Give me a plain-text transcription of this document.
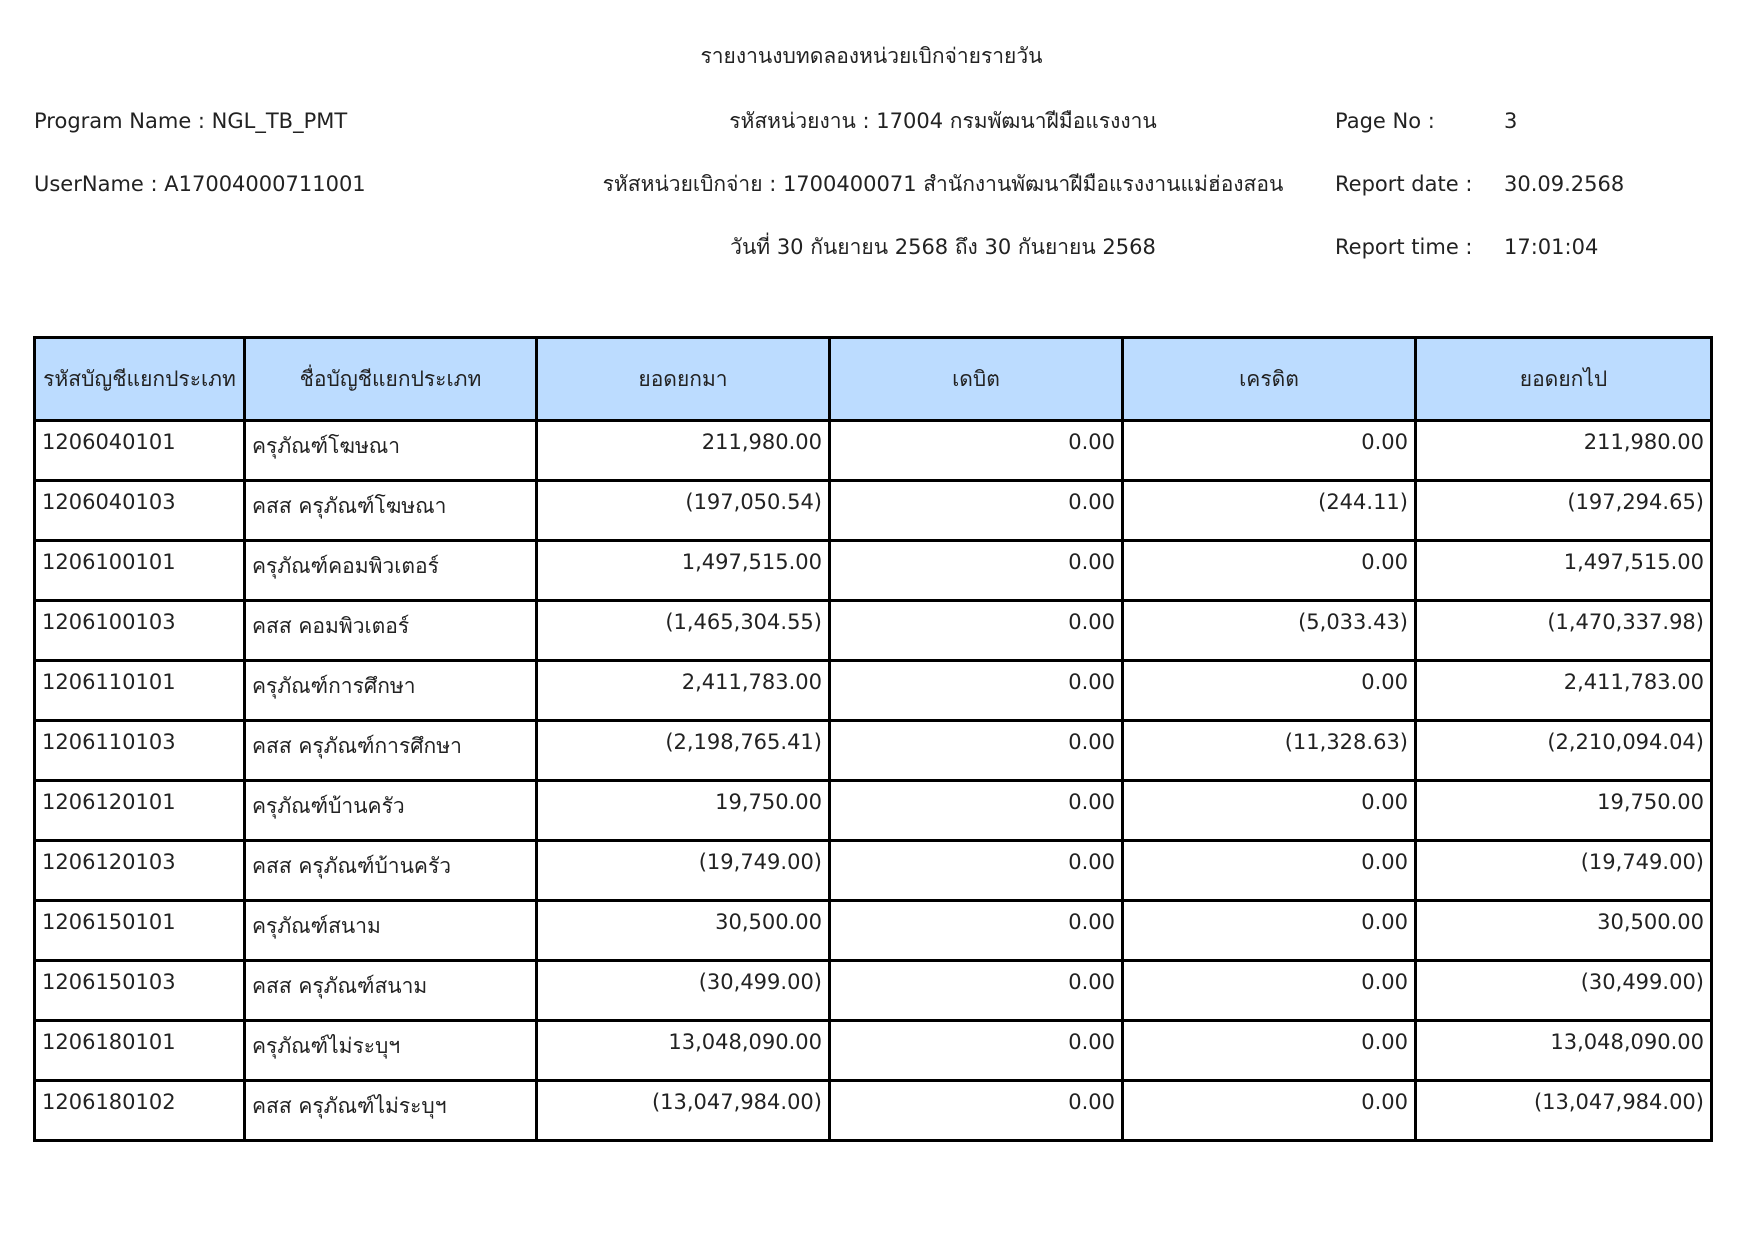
รายงานงบทดลองหน่วยเบิกจ่ายรายวัน
Program Name : NGL_TB_PMT
UserName : A17004000711001
รหัสหน่วยงาน : 17004 กรมพัฒนาฝีมือแรงงาน
รหัสหน่วยเบิกจ่าย : 1700400071 สำนักงานพัฒนาฝีมือแรงงานแม่ฮ่องสอน
วันที่ 30 กันยายน 2568 ถึง 30 กันยายน 2568
Page No :	3
Report date : 30.09.2568
Report time : 17:01:04
รหัสบัญชีแยกประเภท	ชื่อบัญชีแยกประเภท	ยอดยกมา	เดบิต	เครดิต	ยอดยกไป
1206040101	ครุภัณฑ์โฆษณา	211,980.00	0.00	0.00	211,980.00
1206040103	คสส ครุภัณฑ์โฆษณา	(197,050.54)	0.00	(244.11)	(197,294.65)
1206100101	ครุภัณฑ์คอมพิวเตอร์	1,497,515.00	0.00	0.00	1,497,515.00
1206100103	คสส คอมพิวเตอร์	(1,465,304.55)	0.00	(5,033.43)	(1,470,337.98)
1206110101	ครุภัณฑ์การศึกษา	2,411,783.00	0.00	0.00	2,411,783.00
1206110103	คสส ครุภัณฑ์การศึกษา	(2,198,765.41)	0.00	(11,328.63)	(2,210,094.04)
1206120101	ครุภัณฑ์บ้านครัว	19,750.00	0.00	0.00	19,750.00
1206120103	คสส ครุภัณฑ์บ้านครัว	(19,749.00)	0.00	0.00	(19,749.00)
1206150101	ครุภัณฑ์สนาม	30,500.00	0.00	0.00	30,500.00
1206150103	คสส ครุภัณฑ์สนาม	(30,499.00)	0.00	0.00	(30,499.00)
1206180101	ครุภัณฑ์ไม่ระบุฯ	13,048,090.00	0.00	0.00	13,048,090.00
1206180102	คสส ครุภัณฑ์ไม่ระบุฯ	(13,047,984.00)	0.00	0.00	(13,047,984.00)
